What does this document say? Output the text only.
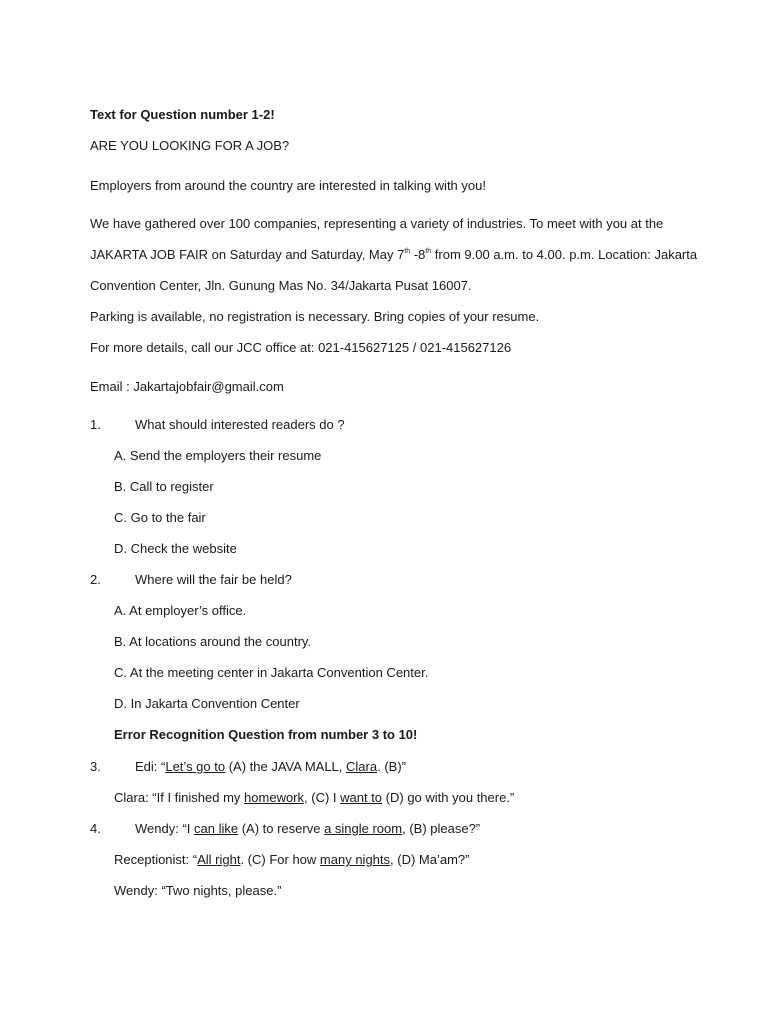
Text for Question number 1-2!
ARE YOU LOOKING FOR A JOB?
Employers from around the country are interested in talking with you!
We have gathered over 100 companies, representing a variety of industries. To meet with you at the
JAKARTA JOB FAIR on Saturday and Saturday, May 7th -8th from 9.00 a.m. to 4.00. p.m. Location: Jakarta
Convention Center, Jln. Gunung Mas No. 34/Jakarta Pusat 16007.
Parking is available, no registration is necessary. Bring copies of your resume.
For more details, call our JCC office at: 021-415627125 / 021-415627126
Email : Jakartajobfair@gmail.com
1.	What should interested readers do ?
A. Send the employers their resume
B. Call to register
C. Go to the fair
D. Check the website
2.	Where will the fair be held?
A. At employer’s office.
B. At locations around the country.
C. At the meeting center in Jakarta Convention Center.
D. In Jakarta Convention Center
Error Recognition Question from number 3 to 10!
3.	Edi: “Let’s go to (A) the JAVA MALL, Clara. (B)”
Clara: “If I finished my homework, (C) I want to (D) go with you there.”
4.	Wendy: “I can like (A) to reserve a single room, (B) please?”
Receptionist: “All right. (C) For how many nights, (D) Ma’am?”
Wendy: “Two nights, please.”
